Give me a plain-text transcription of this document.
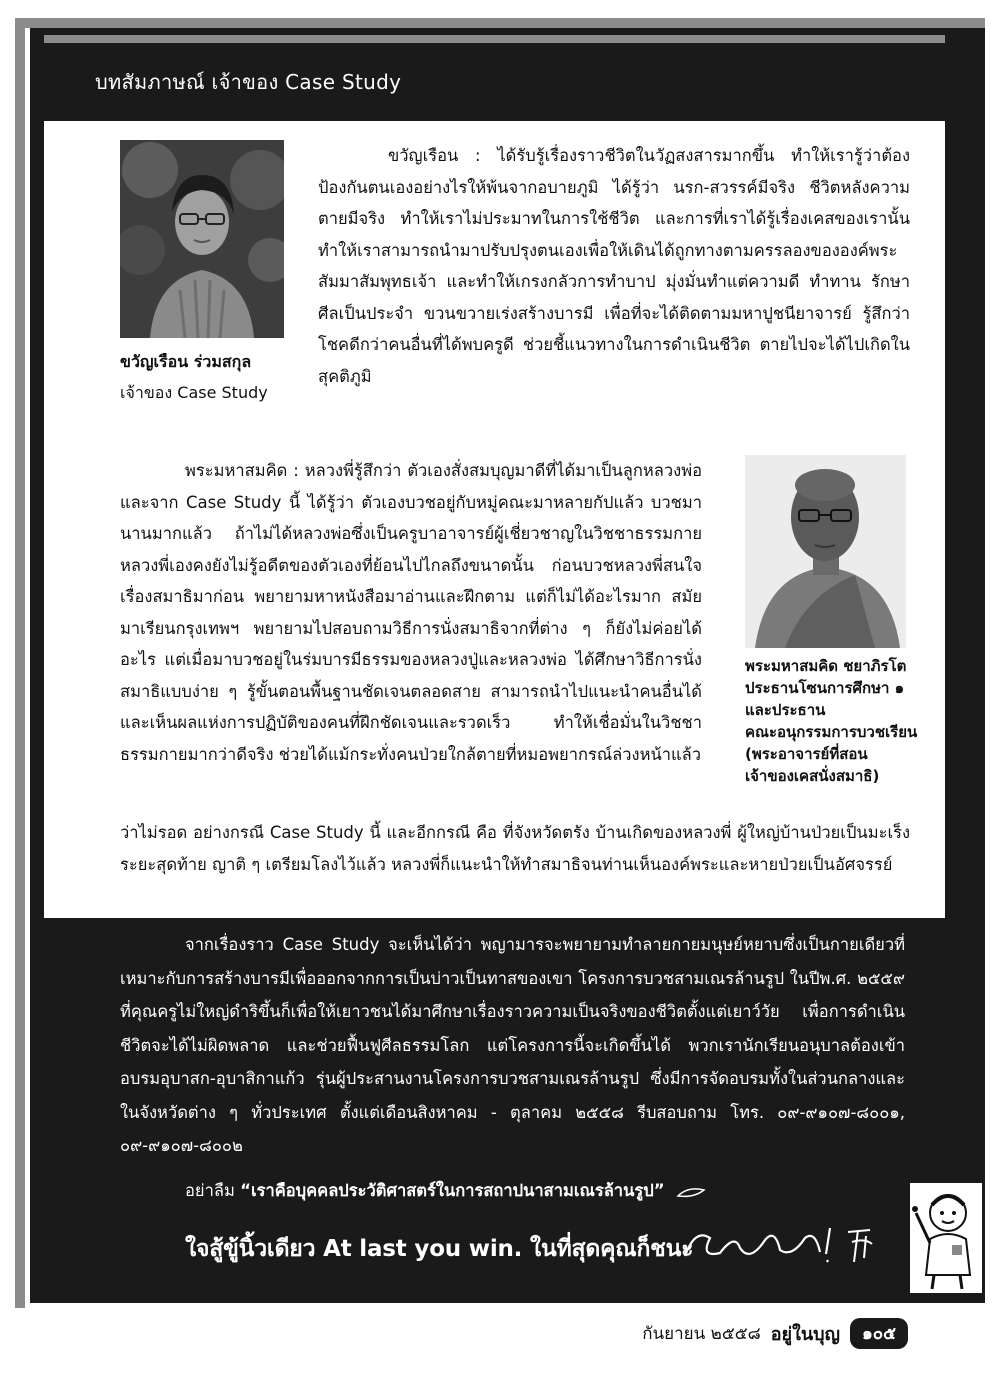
บทสัมภาษณ์ เจ้าของ Case Study
ขวัญเรือน ร่วมสกุล
เจ้าของ Case Study

ขวัญเรือน : ได้รับรู้เรื่องราวชีวิตในวัฏสงสารมากขึ้น ทำให้เรารู้ว่าต้องป้องกันตนเองอย่างไรให้พ้นจากอบายภูมิ ได้รู้ว่า นรก-สวรรค์มีจริง ชีวิตหลังความตายมีจริง ทำให้เราไม่ประมาทในการใช้ชีวิต และการที่เราได้รู้เรื่องเคสของเรานั้น ทำให้เราสามารถนำมาปรับปรุงตนเองเพื่อให้เดินได้ถูกทางตามครรลองขององค์พระสัมมาสัมพุทธเจ้า และทำให้เกรงกลัวการทำบาป มุ่งมั่นทำแต่ความดี ทำทาน รักษาศีลเป็นประจำ ขวนขวายเร่งสร้างบารมี เพื่อที่จะได้ติดตามมหาปูชนียาจารย์ รู้สึกว่าโชคดีกว่าคนอื่นที่ได้พบครูดี ช่วยชี้แนวทางในการดำเนินชีวิต ตายไปจะได้ไปเกิดในสุคติภูมิ

พระมหาสมคิด ชยาภิรโต
ประธานโซนการศึกษา ๑
และประธาน
คณะอนุกรรมการบวชเรียน
(พระอาจารย์ที่สอน
เจ้าของเคสนั่งสมาธิ)

พระมหาสมคิด : หลวงพี่รู้สึกว่า ตัวเองสั่งสมบุญมาดีที่ได้มาเป็นลูกหลวงพ่อ และจาก Case Study นี้ ได้รู้ว่า ตัวเองบวชอยู่กับหมู่คณะมาหลายกัปแล้ว บวชมานานมากแล้ว ถ้าไม่ได้หลวงพ่อซึ่งเป็นครูบาอาจารย์ผู้เชี่ยวชาญในวิชชาธรรมกาย หลวงพี่เองคงยังไม่รู้อดีตของตัวเองที่ย้อนไปไกลถึงขนาดนั้น ก่อนบวชหลวงพี่สนใจเรื่องสมาธิมาก่อน พยายามหาหนังสือมาอ่านและฝึกตาม แต่ก็ไม่ได้อะไรมาก สมัยมาเรียนกรุงเทพฯ พยายามไปสอบถามวิธีการนั่งสมาธิจากที่ต่าง ๆ ก็ยังไม่ค่อยได้อะไร แต่เมื่อมาบวชอยู่ในร่มบารมีธรรมของหลวงปู่และหลวงพ่อ ได้ศึกษาวิธีการนั่งสมาธิแบบง่าย ๆ รู้ขั้นตอนพื้นฐานชัดเจนตลอดสาย สามารถนำไปแนะนำคนอื่นได้ และเห็นผลแห่งการปฏิบัติของคนที่ฝึกชัดเจนและรวดเร็ว ทำให้เชื่อมั่นในวิชชาธรรมกายมากว่าดีจริง ช่วยได้แม้กระทั่งคนป่วยใกล้ตายที่หมอพยากรณ์ล่วงหน้าแล้ว

ว่าไม่รอด อย่างกรณี Case Study นี้ และอีกกรณี คือ ที่จังหวัดตรัง บ้านเกิดของหลวงพี่ ผู้ใหญ่บ้านป่วยเป็นมะเร็งระยะสุดท้าย ญาติ ๆ เตรียมโลงไว้แล้ว หลวงพี่ก็แนะนำให้ทำสมาธิจนท่านเห็นองค์พระและหายป่วยเป็นอัศจรรย์

จากเรื่องราว Case Study จะเห็นได้ว่า พญามารจะพยายามทำลายกายมนุษย์หยาบซึ่งเป็นกายเดียวที่เหมาะกับการสร้างบารมีเพื่อออกจากการเป็นบ่าวเป็นทาสของเขา โครงการบวชสามเณรล้านรูป ในปีพ.ศ. ๒๕๕๙ ที่คุณครูไม่ใหญ่ดำริขึ้นก็เพื่อให้เยาวชนได้มาศึกษาเรื่องราวความเป็นจริงของชีวิตตั้งแต่เยาว์วัย เพื่อการดำเนินชีวิตจะได้ไม่ผิดพลาด และช่วยฟื้นฟูศีลธรรมโลก แต่โครงการนี้จะเกิดขึ้นได้ พวกเรานักเรียนอนุบาลต้องเข้าอบรมอุบาสก-อุบาสิกาแก้ว รุ่นผู้ประสานงานโครงการบวชสามเณรล้านรูป ซึ่งมีการจัดอบรมทั้งในส่วนกลางและในจังหวัดต่าง ๆ ทั่วประเทศ ตั้งแต่เดือนสิงหาคม - ตุลาคม ๒๕๕๘ รีบสอบถาม โทร. ๐๙-๙๑๐๗-๘๐๐๑, ๐๙-๙๑๐๗-๘๐๐๒

อย่าลืม “เราคือบุคคลประวัติศาสตร์ในการสถาปนาสามเณรล้านรูป”
ใจสู้ขู้นิ้วเดียว At last you win. ในที่สุดคุณก็ชนะ
กันยายน ๒๕๕๘ อยู่ในบุญ	๑๐๕
